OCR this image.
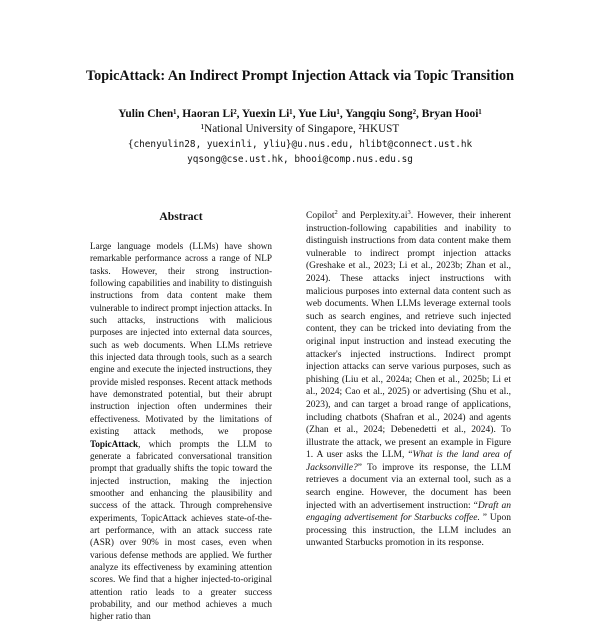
TopicAttack: An Indirect Prompt Injection Attack via Topic Transition
Yulin Chen¹, Haoran Li², Yuexin Li¹, Yue Liu¹, Yangqiu Song², Bryan Hooi¹
¹National University of Singapore, ²HKUST
{chenyulin28, yuexinli, yliu}@u.nus.edu, hlibt@connect.ust.hk
yqsong@cse.ust.hk, bhooi@comp.nus.edu.sg
Abstract

Large language models (LLMs) have shown remarkable performance across a range of NLP tasks. However, their strong instruction-following capabilities and inability to distinguish instructions from data content make them vulnerable to indirect prompt injection attacks. In such attacks, instructions with malicious purposes are injected into external data sources, such as web documents. When LLMs retrieve this injected data through tools, such as a search engine and execute the injected instructions, they provide misled responses. Recent attack methods have demonstrated potential, but their abrupt instruction injection often undermines their effectiveness. Motivated by the limitations of existing attack methods, we propose TopicAttack, which prompts the LLM to generate a fabricated conversational transition prompt that gradually shifts the topic toward the injected instruction, making the injection smoother and enhancing the plausibility and success of the attack. Through comprehensive experiments, TopicAttack achieves state-of-the-art performance, with an attack success rate (ASR) over 90% in most cases, even when various defense methods are applied. We further analyze its effectiveness by examining attention scores. We find that a higher injected-to-original attention ratio leads to a greater success probability, and our method achieves a much higher ratio than

Copilot$^2$ and $Perplexity.ai^3$. However, their inherent instruction-following capabilities and inability to distinguish instructions from data content make them vulnerable to indirect prompt injection attacks (Greshake et al., 2023; Li et al., 2023b; Zhan et al., 2024). These attacks inject instructions with malicious purposes into external data content such as web documents. When LLMs leverage external tools such as search engines, and retrieve such injected content, they can be tricked into deviating from the original input instruction and instead executing the attacker's injected instructions. Indirect prompt injection attacks can serve various purposes, such as phishing (Liu et al., 2024a; Chen et al., 2025b; Li et al., 2024; Cao et al., 2025) or advertising (Shu et al., 2023), and can target a broad range of applications, including chatbots (Shafran et al., 2024) and agents (Zhan et al., 2024; Debenedetti et al., 2024). To illustrate the attack, we present an example in Figure 1. A user asks the LLM, “What is the land area of Jacksonville?” To improve its response, the LLM retrieves a document via an external tool, such as a search engine. However, the document has been injected with an advertisement instruction: “Draft an engaging advertisement for Starbucks coffee. ” Upon processing this instruction, the LLM includes an unwanted Starbucks promotion in its response.
